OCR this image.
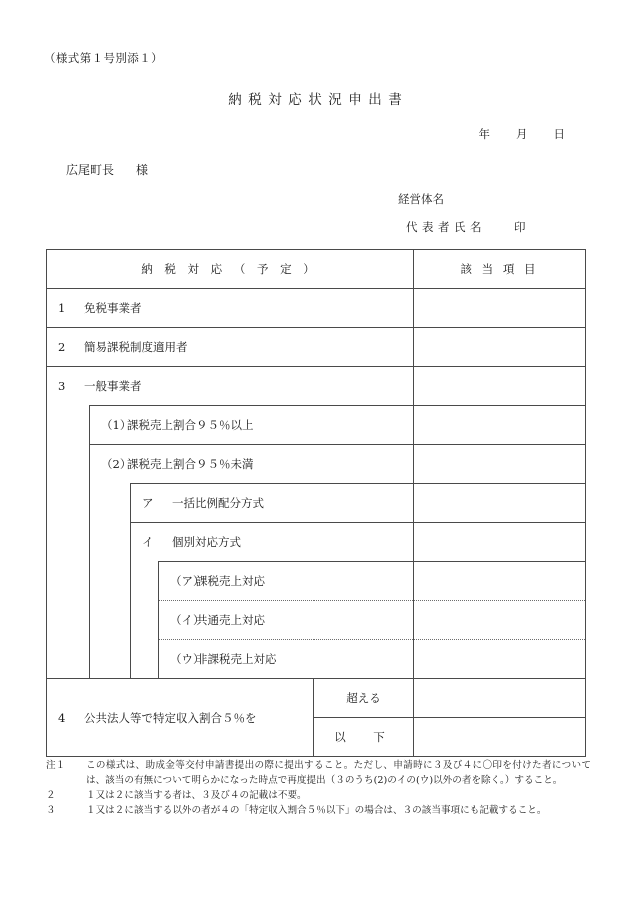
（様式第１号別添１）
納税対応状況申出書
年 月 日
広尾町長 様
経営体名
代表者氏名 印
納 税 対 応 （ 予 定 ）					該 当 項 目

1 免税事業者					

2 簡易課税制度適用者					

3 一般事業者					

	（1）課税売上割合９５％以上				

	（2）課税売上割合９５％未満				

		ア 一括比例配分方式			

		イ 個別対応方式			

			（ア）課税売上対応		

			（イ）共通売上対応		

			（ウ）非課税売上対応		

4 公共法人等で特定収入割合５％を				超える	
				以　下	
注１	この様式は、助成金等交付申請書提出の際に提出すること。ただし、申請時に３及び４に〇印を付けた者については、該当の有無について明らかになった時点で再度提出（３のうち(2)のイの(ウ)以外の者を除く。）すること。
２	１又は２に該当する者は、３及び４の記載は不要。
３	１又は２に該当する以外の者が４の「特定収入割合５％以下」の場合は、３の該当事項にも記載すること。
